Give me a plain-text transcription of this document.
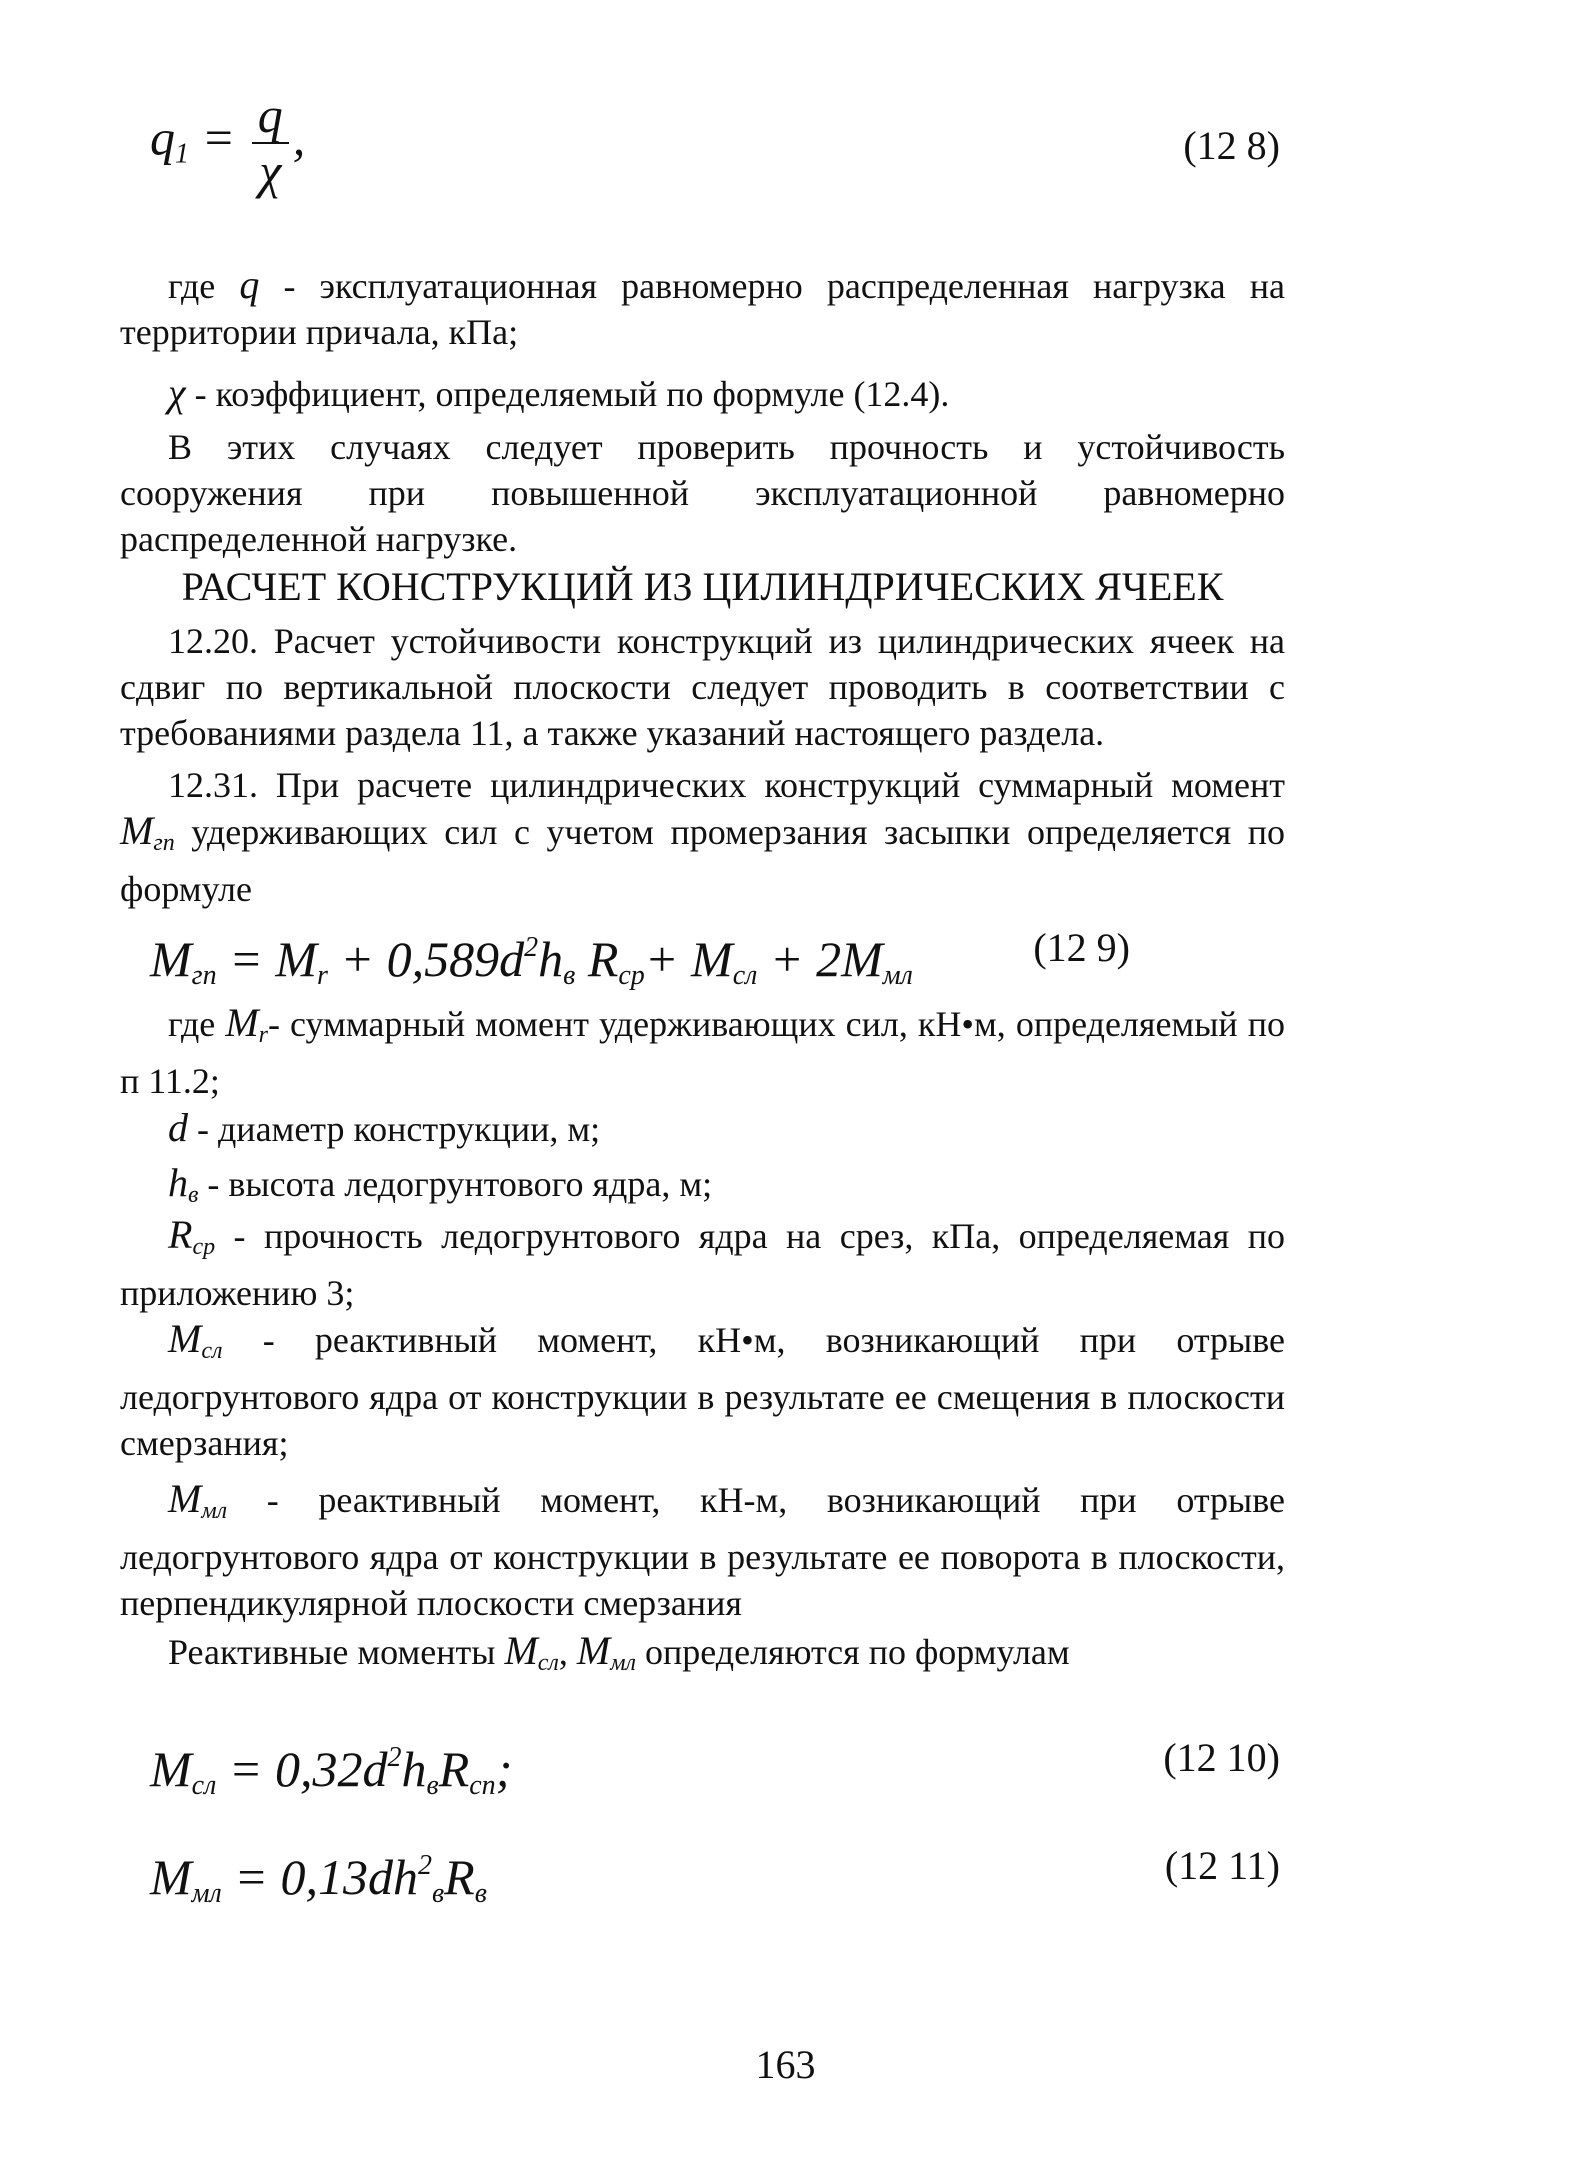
$q_1 = \frac{q}{\chi}$ ,	(12 8)

где q - эксплуатационная равномерно распределенная нагрузка на территории причала, кПа;

χ - коэффициент, определяемый по формуле (12.4).

В этих случаях следует проверить прочность и устойчивость сооружения при повышенной эксплуатационной равномерно распределенной нагрузке.

РАСЧЕТ КОНСТРУКЦИЙ ИЗ ЦИЛИНДРИЧЕСКИХ ЯЧЕЕК

12.20. Расчет устойчивости конструкций из цилиндрических ячеек на сдвиг по вертикальной плоскости следует проводить в соответствии с требованиями раздела 11, а также указаний настоящего раздела.

12.31. При расчете цилиндрических конструкций суммарный момент $M_{гп}$ удерживающих сил с учетом промерзания засыпки определяется по формуле

$M_{гп} = M_r + 0,589d^2h_в$ $R_{ср}+ M_{сл} + 2M_{мл}$
(12 9)

где $M_r-$ суммарный момент удерживающих сил, кН•м, определяемый по п 11.2;

d - диаметр конструкции, м;

$h_в$ - высота ледогрунтового ядра, м;

$R_{ср}$ - прочность ледогрунтового ядра на срез, кПа, определяемая по приложению 3;

$M_{сл}$ - реактивный момент, кН•м, возникающий при отрыве ледогрунтового ядра от конструкции в результате ее смещения в плоскости смерзания;

$M_{мл}$ - реактивный момент, кН-м, возникающий при отрыве ледогрунтового ядра от конструкции в результате ее поворота в плоскости, перпендикулярной плоскости смерзания

Реактивные моменты $M_{сл}$, $M_{мл}$ определяются по формулам

$M_{сл} = 0,32d^2h_вR_{сп}$;	(12 10)
$M_{мл} = 0,13dh^2_вR_в$
(12 11)
163
